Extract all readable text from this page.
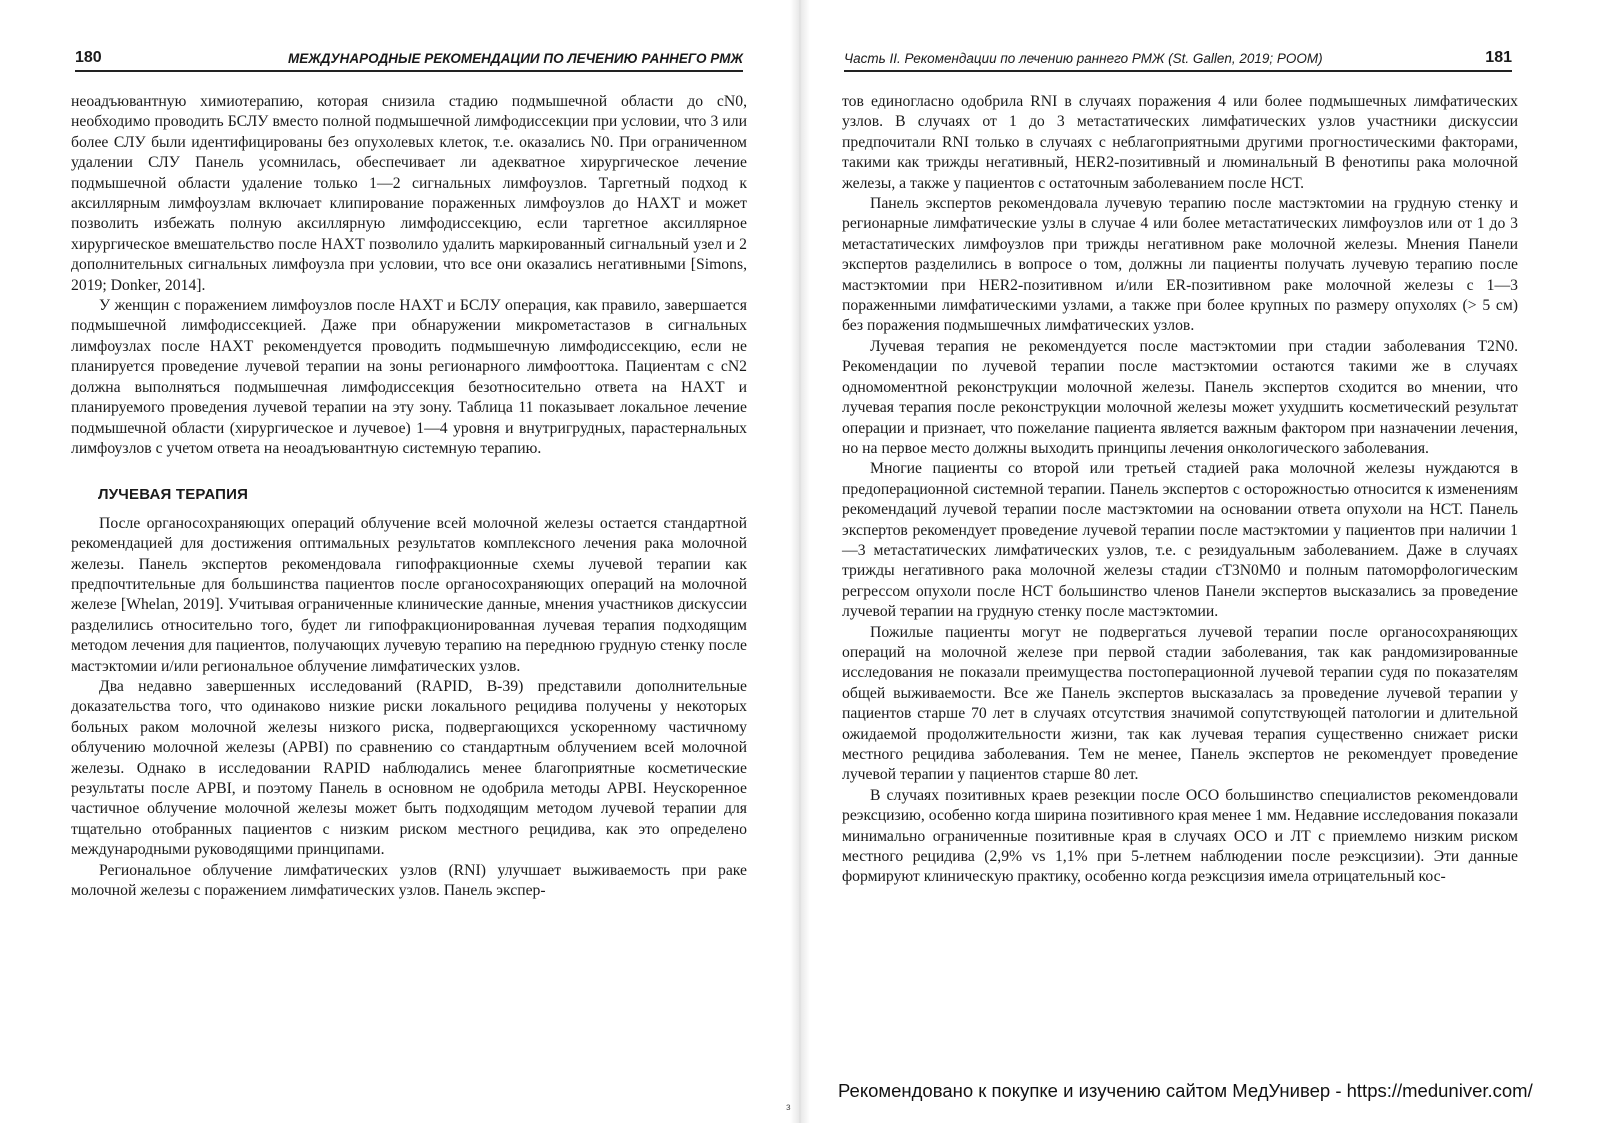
180	МЕЖДУНАРОДНЫЕ РЕКОМЕНДАЦИИ ПО ЛЕЧЕНИЮ РАННЕГО РМЖ

неоадъювантную химиотерапию, которая снизила стадию подмышечной области до cN0, необходимо проводить БСЛУ вместо полной подмышечной лимфодиссекции при условии, что 3 или более СЛУ были идентифицированы без опухолевых клеток, т.е. оказались N0. При ограниченном удалении СЛУ Панель усомнилась, обеспечивает ли адекватное хирургическое лечение подмышечной области удаление только 1—2 сигнальных лимфоузлов. Таргетный подход к аксиллярным лимфоузлам включает клипирование пораженных лимфоузлов до НАХТ и может позволить избежать полную аксиллярную лимфодиссекцию, если таргетное аксиллярное хирургическое вмешательство после НАХТ позволило удалить маркированный сигнальный узел и 2 дополнительных сигнальных лимфоузла при условии, что все они оказались негативными [Simons, 2019; Donker, 2014].

У женщин с поражением лимфоузлов после НАХТ и БСЛУ операция, как правило, завершается подмышечной лимфодиссекцией. Даже при обнаружении микрометастазов в сигнальных лимфоузлах после НАХТ рекомендуется проводить подмышечную лимфодиссекцию, если не планируется проведение лучевой терапии на зоны регионарного лимфооттока. Пациентам с cN2 должна выполняться подмышечная лимфодиссекция безотносительно ответа на НАХТ и планируемого проведения лучевой терапии на эту зону. Таблица 11 показывает локальное лечение подмышечной области (хирургическое и лучевое) 1—4 уровня и внутригрудных, парастернальных лимфоузлов с учетом ответа на неоадъювантную системную терапию.

ЛУЧЕВАЯ ТЕРАПИЯ

После органосохраняющих операций облучение всей молочной железы остается стандартной рекомендацией для достижения оптимальных результатов комплексного лечения рака молочной железы. Панель экспертов рекомендовала гипофракционные схемы лучевой терапии как предпочтительные для большинства пациентов после органосохраняющих операций на молочной железе [Whelan, 2019]. Учитывая ограниченные клинические данные, мнения участников дискуссии разделились относительно того, будет ли гипофракционированная лучевая терапия подходящим методом лечения для пациентов, получающих лучевую терапию на переднюю грудную стенку после мастэктомии и/или региональное облучение лимфатических узлов.

Два недавно завершенных исследований (RAPID, B-39) представили дополнительные доказательства того, что одинаково низкие риски локального рецидива получены у некоторых больных раком молочной железы низкого риска, подвергающихся ускоренному частичному облучению молочной железы (APBI) по сравнению со стандартным облучением всей молочной железы. Однако в исследовании RAPID наблюдались менее благоприятные косметические результаты после APBI, и поэтому Панель в основном не одобрила методы APBI. Неускоренное частичное облучение молочной железы может быть подходящим методом лучевой терапии для тщательно отобранных пациентов с низким риском местного рецидива, как это определено международными руководящими принципами.

Региональное облучение лимфатических узлов (RNI) улучшает выживаемость при раке молочной железы с поражением лимфатических узлов. Панель экспер-

Часть II. Рекомендации по лечению раннего РМЖ (St. Gallen, 2019; POOM)	181

тов единогласно одобрила RNI в случаях поражения 4 или более подмышечных лимфатических узлов. В случаях от 1 до 3 метастатических лимфатических узлов участники дискуссии предпочитали RNI только в случаях с неблагоприятными другими прогностическими факторами, такими как трижды негативный, HER2-позитивный и люминальный В фенотипы рака молочной железы, а также у пациентов с остаточным заболеванием после НСТ.

Панель экспертов рекомендовала лучевую терапию после мастэктомии на грудную стенку и регионарные лимфатические узлы в случае 4 или более метастатических лимфоузлов или от 1 до 3 метастатических лимфоузлов при трижды негативном раке молочной железы. Мнения Панели экспертов разделились в вопросе о том, должны ли пациенты получать лучевую терапию после мастэктомии при HER2-позитивном и/или ER-позитивном раке молочной железы с 1—3 пораженными лимфатическими узлами, а также при более крупных по размеру опухолях (> 5 см) без поражения подмышечных лимфатических узлов.

Лучевая терапия не рекомендуется после мастэктомии при стадии заболевания T2N0. Рекомендации по лучевой терапии после мастэктомии остаются такими же в случаях одномоментной реконструкции молочной железы. Панель экспертов сходится во мнении, что лучевая терапия после реконструкции молочной железы может ухудшить косметический результат операции и признает, что пожелание пациента является важным фактором при назначении лечения, но на первое место должны выходить принципы лечения онкологического заболевания.

Многие пациенты со второй или третьей стадией рака молочной железы нуждаются в предоперационной системной терапии. Панель экспертов с осторожностью относится к изменениям рекомендаций лучевой терапии после мастэктомии на основании ответа опухоли на НСТ. Панель экспертов рекомендует проведение лучевой терапии после мастэктомии у пациентов при наличии 1—3 метастатических лимфатических узлов, т.е. с резидуальным заболеванием. Даже в случаях трижды негативного рака молочной железы стадии cT3N0M0 и полным патоморфологическим регрессом опухоли после НСТ большинство членов Панели экспертов высказались за проведение лучевой терапии на грудную стенку после мастэктомии.

Пожилые пациенты могут не подвергаться лучевой терапии после органосохраняющих операций на молочной железе при первой стадии заболевания, так как рандомизированные исследования не показали преимущества постоперационной лучевой терапии судя по показателям общей выживаемости. Все же Панель экспертов высказалась за проведение лучевой терапии у пациентов старше 70 лет в случаях отсутствия значимой сопутствующей патологии и длительной ожидаемой продолжительности жизни, так как лучевая терапия существенно снижает риски местного рецидива заболевания. Тем не менее, Панель экспертов не рекомендует проведение лучевой терапии у пациентов старше 80 лет.

В случаях позитивных краев резекции после ОСО большинство специалистов рекомендовали реэксцизию, особенно когда ширина позитивного края менее 1 мм. Недавние исследования показали минимально ограниченные позитивные края в случаях ОСО и ЛТ с приемлемо низким риском местного рецидива (2,9% vs 1,1% при 5-летнем наблюдении после реэксцизии). Эти данные формируют клиническую практику, особенно когда реэксцизия имела отрицательный кос-

з
Рекомендовано к покупке и изучению сайтом МедУнивер - https://meduniver.com/
